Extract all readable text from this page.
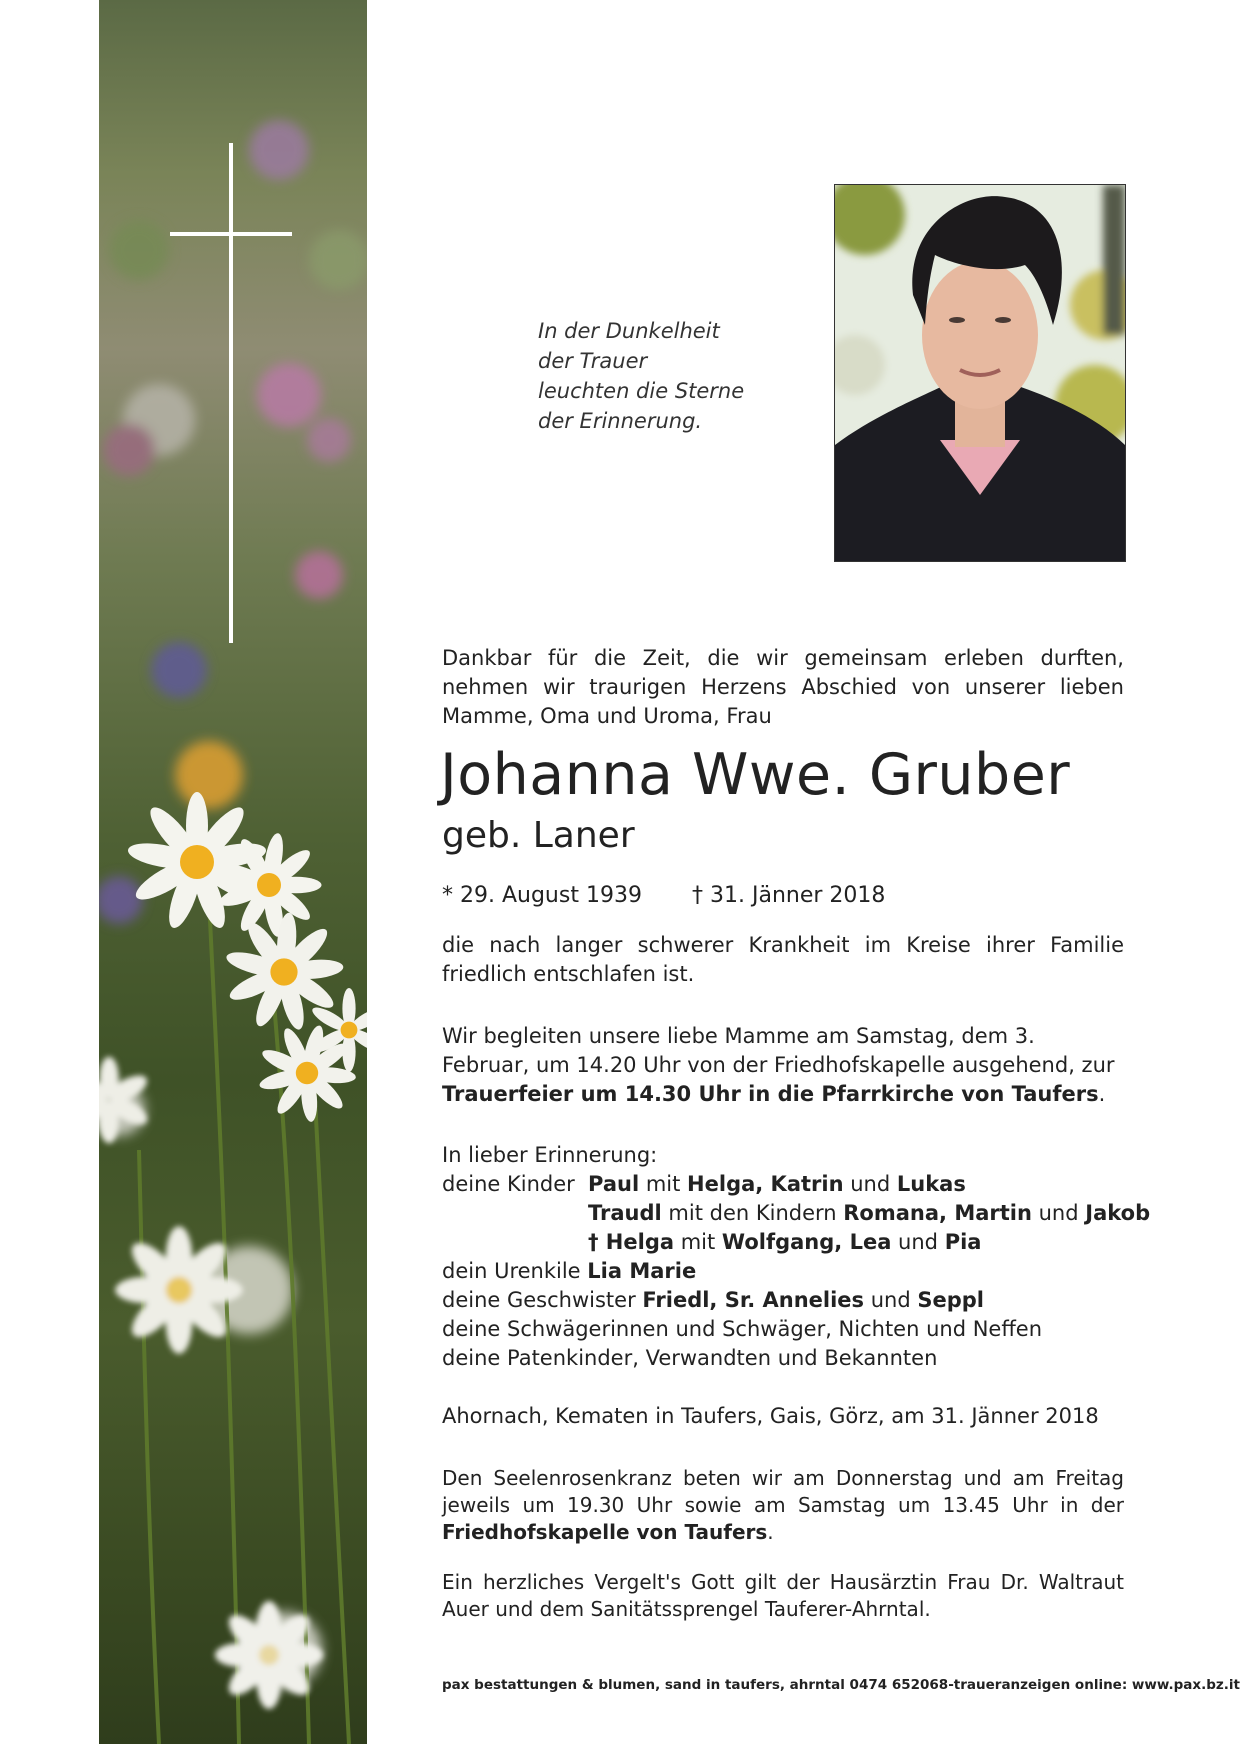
In der Dunkelheit
der Trauer
leuchten die Sterne
der Erinnerung.
Dankbar für die Zeit, die wir gemeinsam erleben durften, nehmen wir traurigen Herzens Abschied von unserer lieben Mamme, Oma und Uroma, Frau
Johanna Wwe. Gruber
geb. Laner
* 29. August 1939 † 31. Jänner 2018
die nach langer schwerer Krankheit im Kreise ihrer Familie friedlich entschlafen ist.
Wir begleiten unsere liebe Mamme am Samstag, dem 3. Februar, um 14.20 Uhr von der Friedhofskapelle ausgehend, zur Trauerfeier um 14.30 Uhr in die Pfarrkirche von Taufers.
In lieber Erinnerung:
deine Kinder Paul mit Helga, Katrin und Lukas
Traudl mit den Kindern Romana, Martin und Jakob
† Helga mit Wolfgang, Lea und Pia
dein Urenkile Lia Marie
deine Geschwister Friedl, Sr. Annelies und Seppl
deine Schwägerinnen und Schwäger, Nichten und Neffen
deine Patenkinder, Verwandten und Bekannten
Ahornach, Kematen in Taufers, Gais, Görz, am 31. Jänner 2018
Den Seelenrosenkranz beten wir am Donnerstag und am Freitag jeweils um 19.30 Uhr sowie am Samstag um 13.45 Uhr in der Friedhofskapelle von Taufers.
Ein herzliches Vergelt's Gott gilt der Hausärztin Frau Dr. Waltraut Auer und dem Sanitätssprengel Tauferer-Ahrntal.
pax bestattungen & blumen, sand in taufers, ahrntal 0474 652068-traueranzeigen online: www.pax.bz.it
